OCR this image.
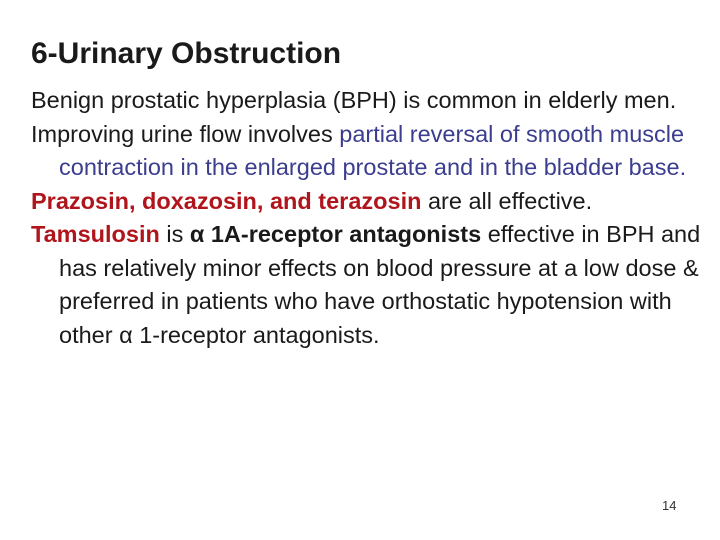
6-Urinary Obstruction

Benign prostatic hyperplasia (BPH) is common in elderly men.

Improving urine flow involves partial reversal of smooth muscle contraction in the enlarged prostate and in the bladder base.

Prazosin, doxazosin, and terazosin are all effective.

Tamsulosin is α 1A-receptor antagonists effective in BPH and has relatively minor effects on blood pressure at a low dose & preferred in patients who have orthostatic hypotension with other α 1-receptor antagonists.

14
